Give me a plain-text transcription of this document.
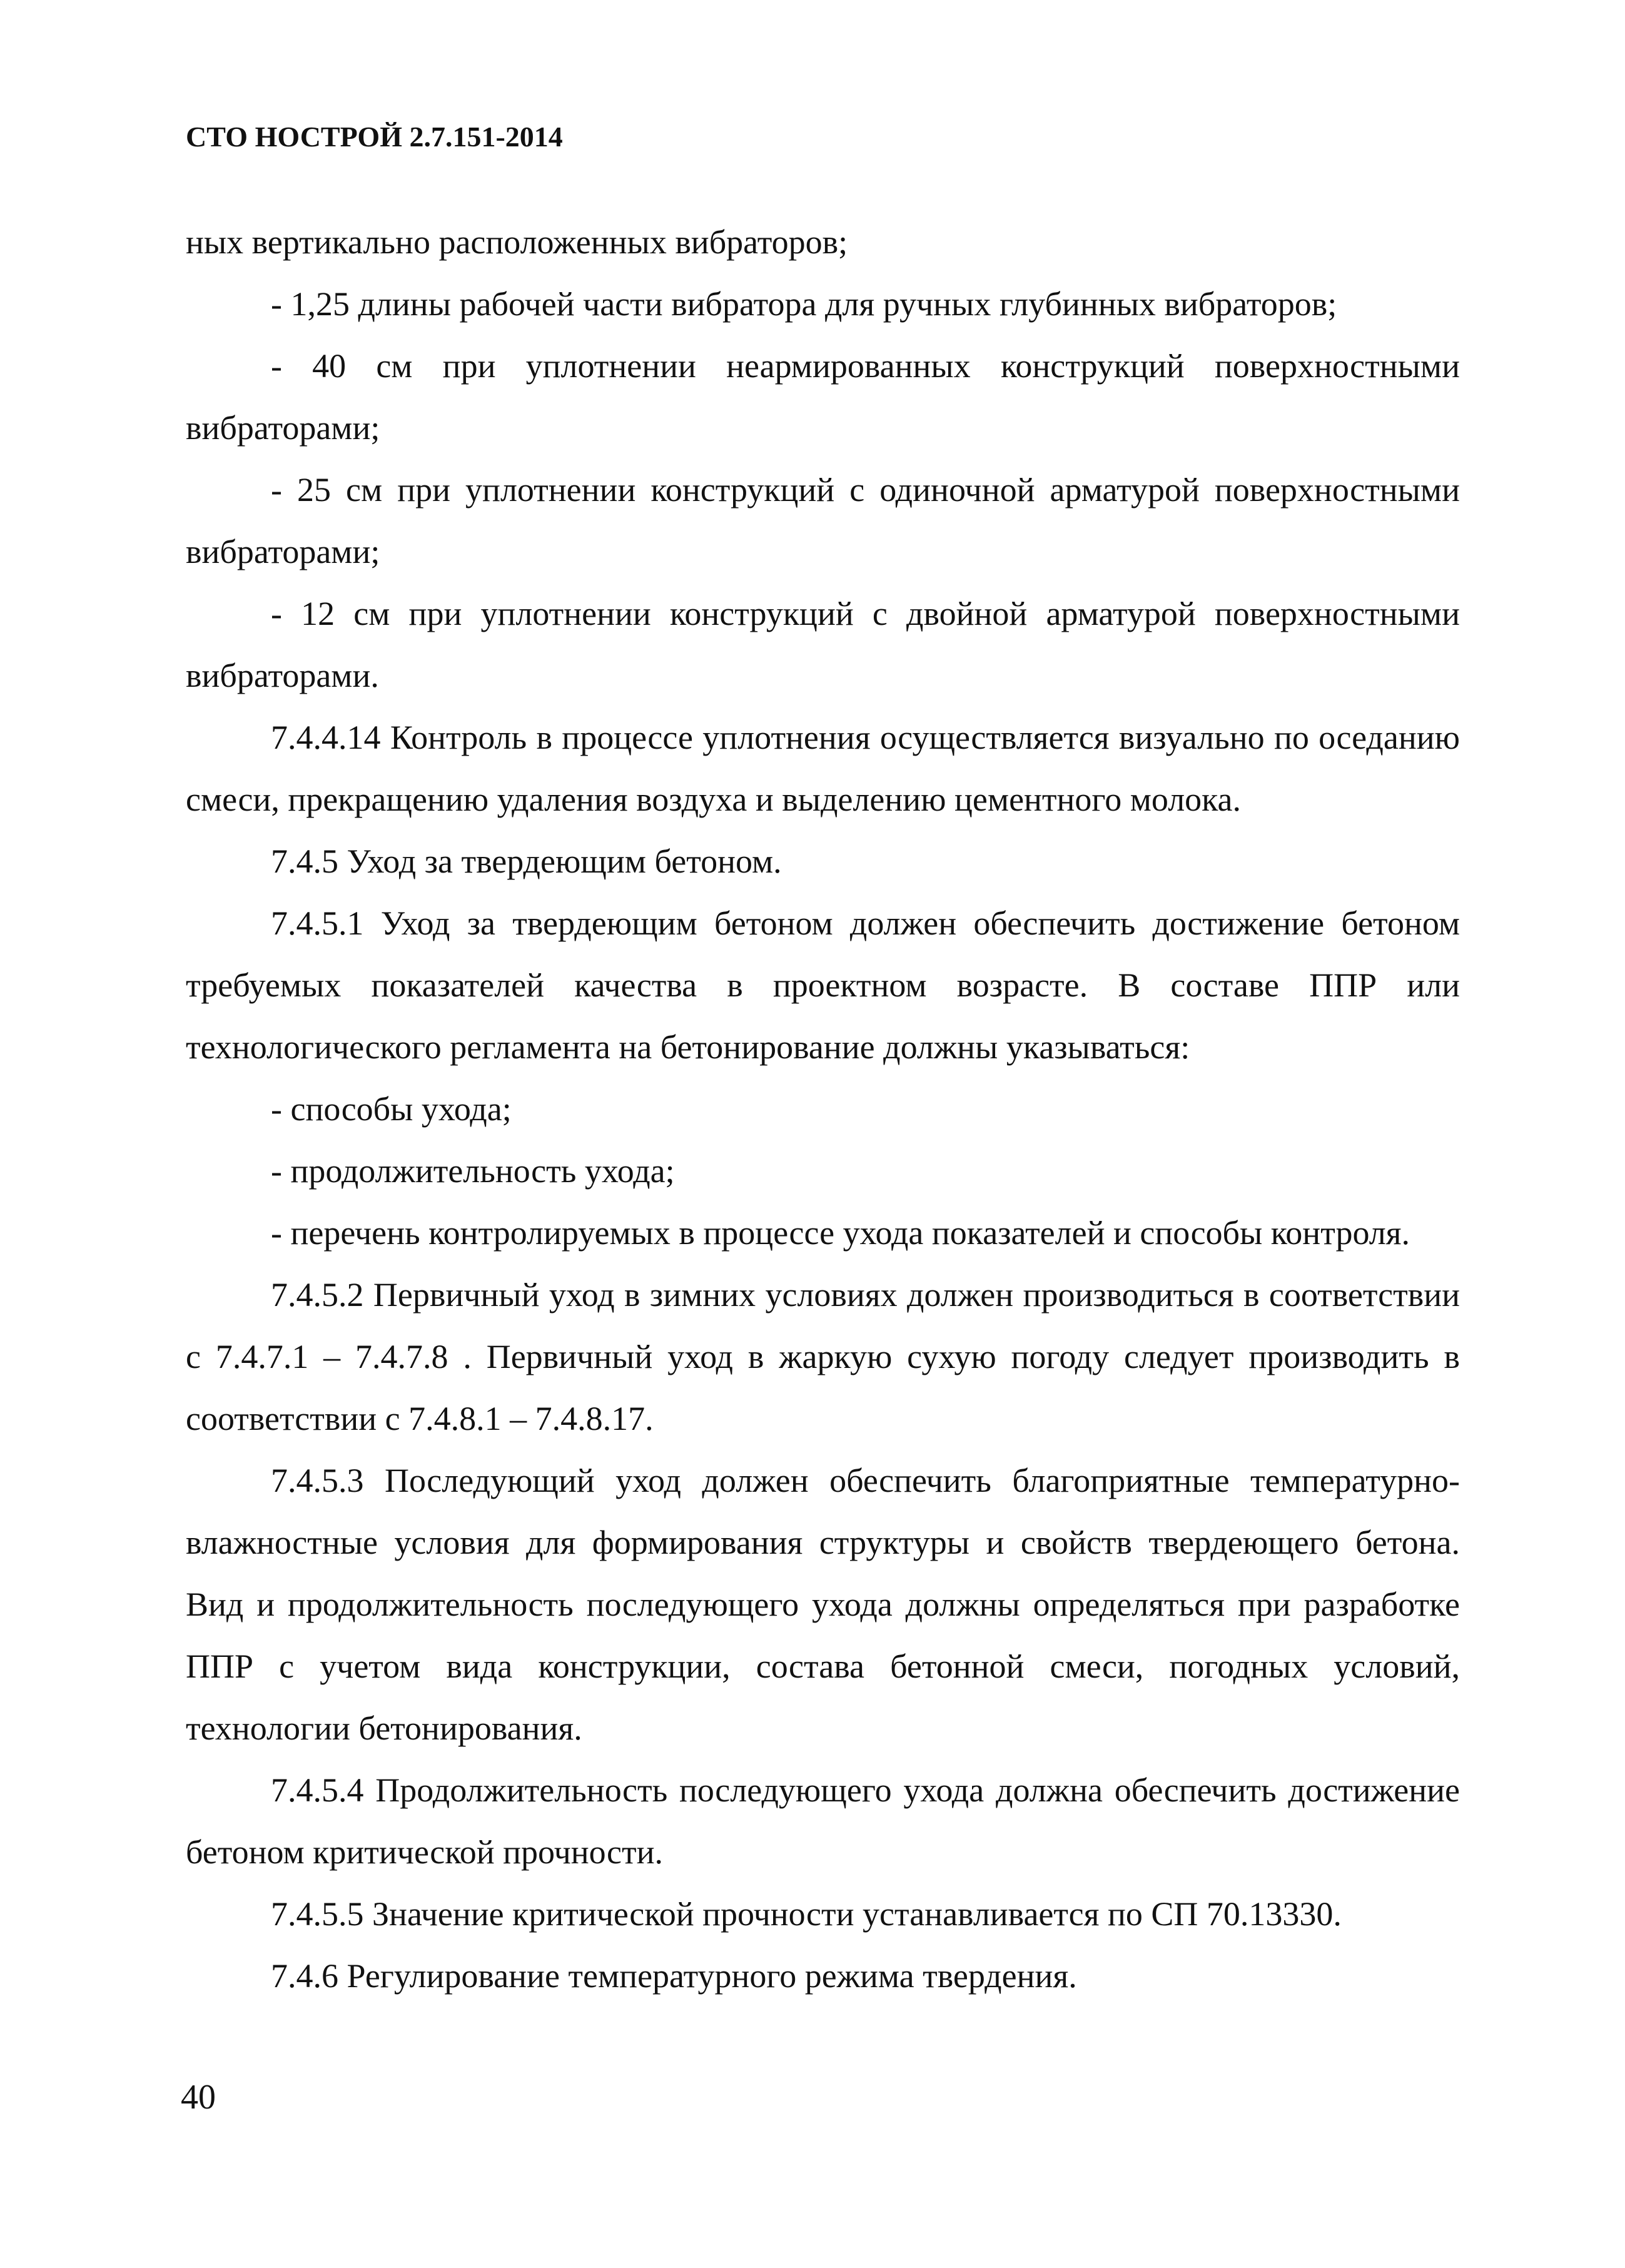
СТО НОСТРОЙ 2.7.151-2014

ных вертикально расположенных вибраторов;

- 1,25 длины рабочей части вибратора для ручных глубинных вибраторов;

- 40 см при уплотнении неармированных конструкций поверхностными вибраторами;

- 25 см при уплотнении конструкций с одиночной арматурой поверхностными вибраторами;

- 12 см при уплотнении конструкций с двойной арматурой поверхностными вибраторами.

7.4.4.14 Контроль в процессе уплотнения осуществляется визуально по оседанию смеси, прекращению удаления воздуха и выделению цементного молока.

7.4.5 Уход за твердеющим бетоном.

7.4.5.1 Уход за твердеющим бетоном должен обеспечить достижение бетоном требуемых показателей качества в проектном возрасте. В составе ППР или технологического регламента на бетонирование должны указываться:

- способы ухода;

- продолжительность ухода;

- перечень контролируемых в процессе ухода показателей и способы контроля.

7.4.5.2 Первичный уход в зимних условиях должен производиться в соответствии с 7.4.7.1 – 7.4.7.8 . Первичный уход в жаркую сухую погоду следует производить в соответствии с 7.4.8.1 – 7.4.8.17.

7.4.5.3 Последующий уход должен обеспечить благоприятные температурно-влажностные условия для формирования структуры и свойств твердеющего бетона. Вид и продолжительность последующего ухода должны определяться при разработке ППР с учетом вида конструкции, состава бетонной смеси, погодных условий, технологии бетонирования.

7.4.5.4 Продолжительность последующего ухода должна обеспечить достижение бетоном критической прочности.

7.4.5.5 Значение критической прочности устанавливается по СП 70.13330.

7.4.6 Регулирование температурного режима твердения.

40
